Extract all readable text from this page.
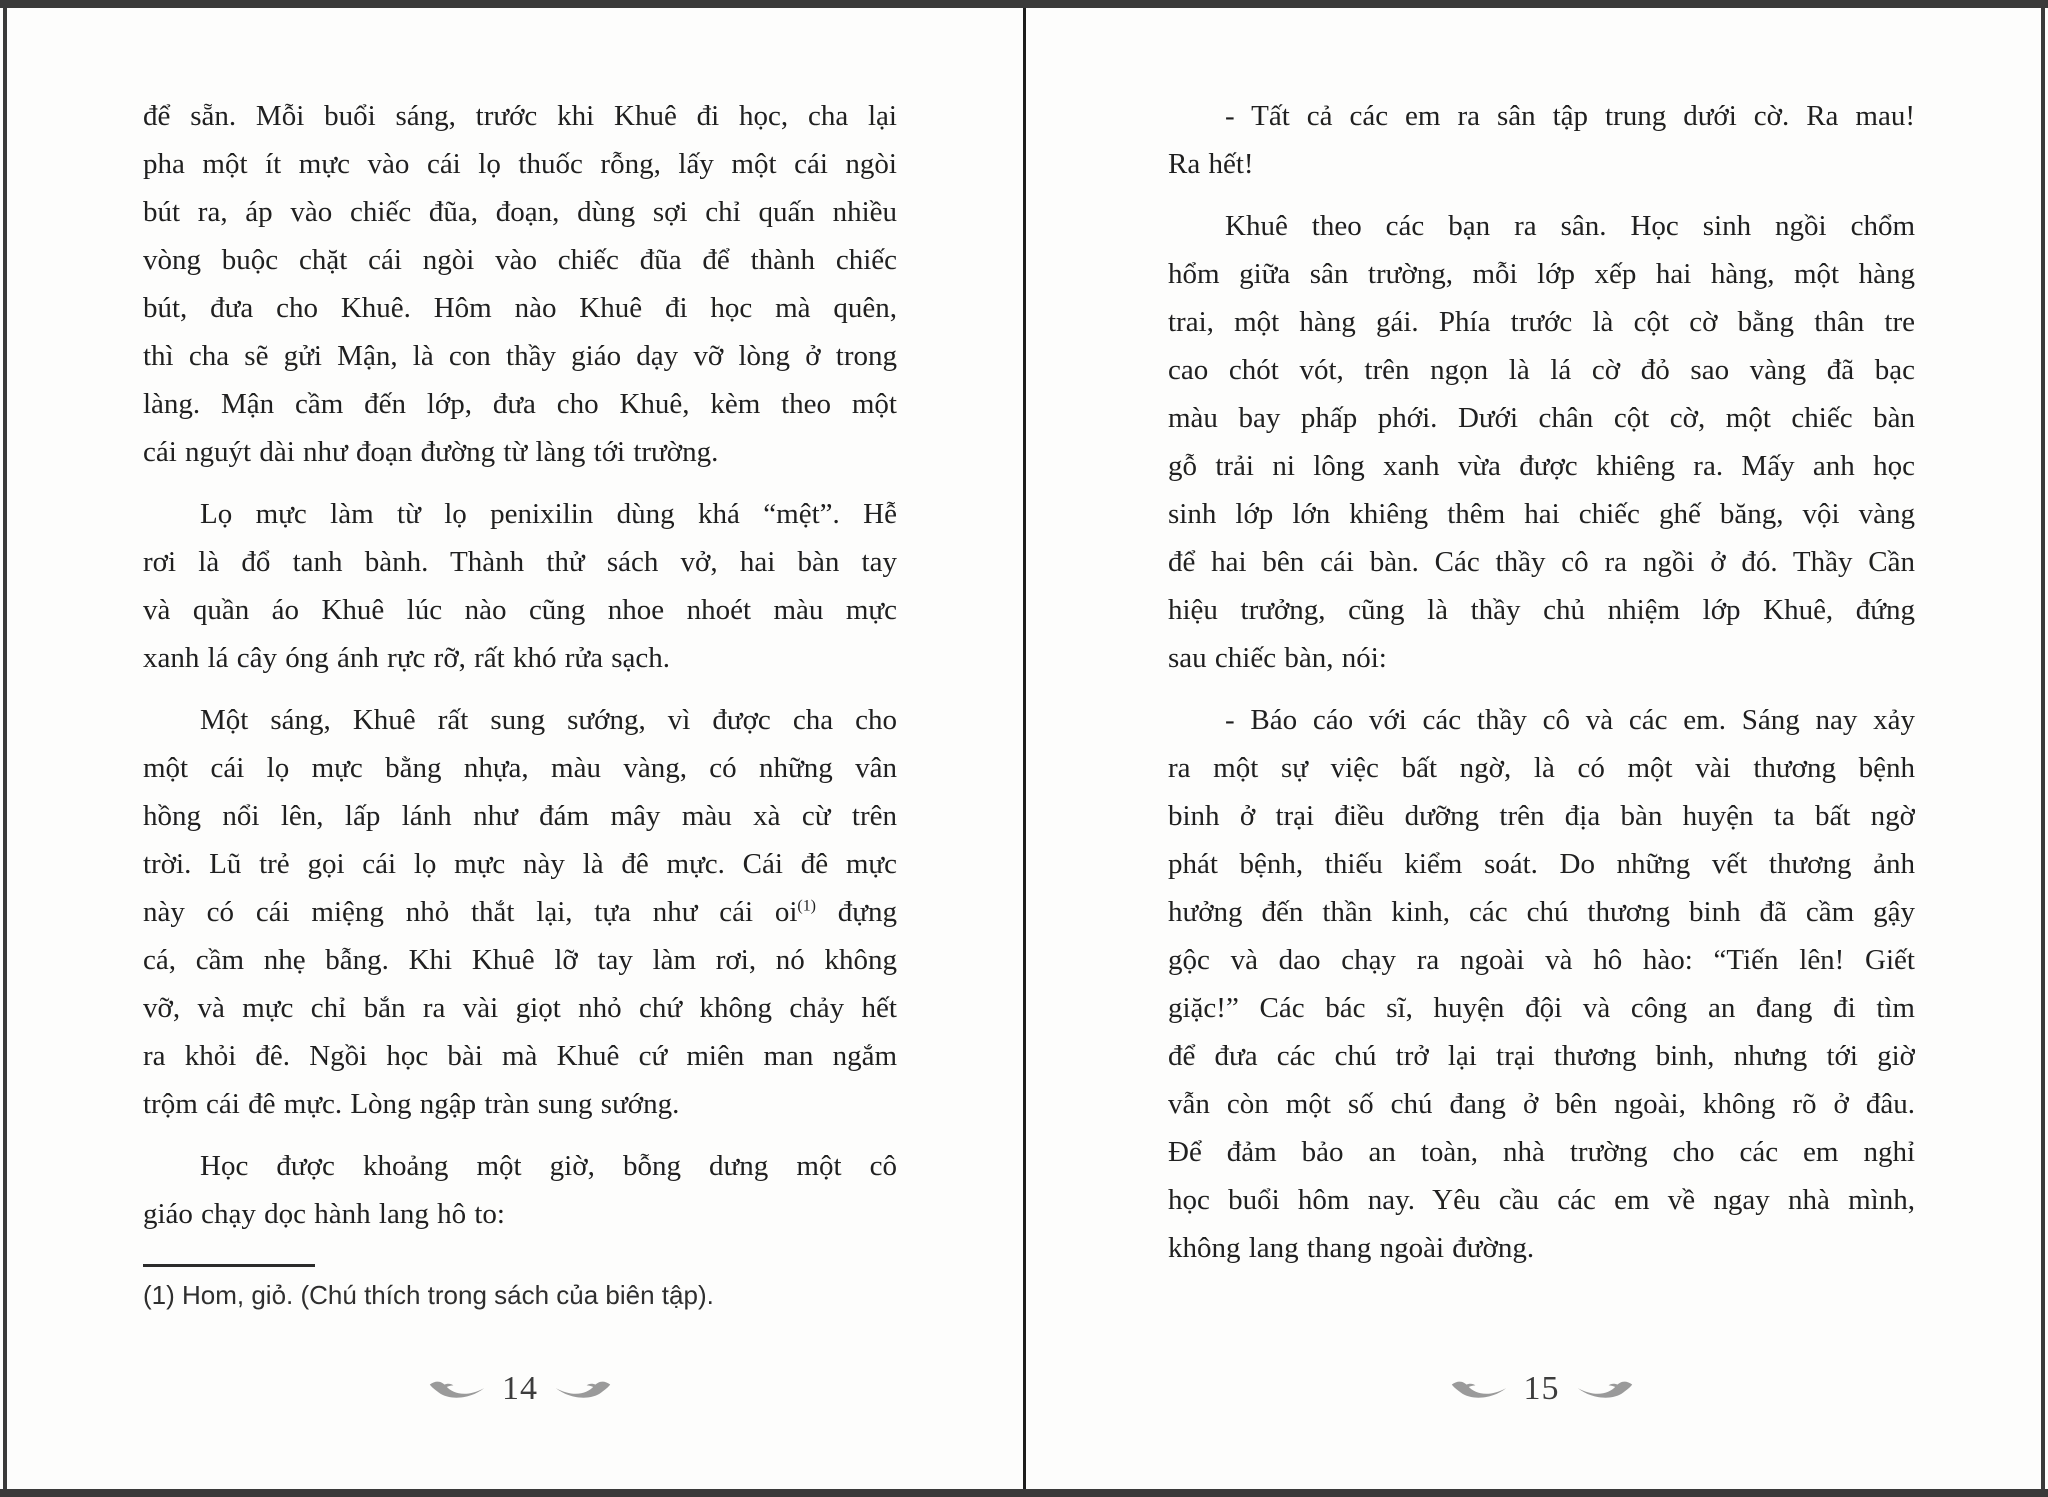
để sẵn. Mỗi buổi sáng, trước khi Khuê đi học, cha lại
pha một ít mực vào cái lọ thuốc rỗng, lấy một cái ngòi
bút ra, áp vào chiếc đũa, đoạn, dùng sợi chỉ quấn nhiều
vòng buộc chặt cái ngòi vào chiếc đũa để thành chiếc
bút, đưa cho Khuê. Hôm nào Khuê đi học mà quên,
thì cha sẽ gửi Mận, là con thầy giáo dạy vỡ lòng ở trong
làng. Mận cầm đến lớp, đưa cho Khuê, kèm theo một
cái nguýt dài như đoạn đường từ làng tới trường.
Lọ mực làm từ lọ penixilin dùng khá “mệt”. Hễ
rơi là đổ tanh bành. Thành thử sách vở, hai bàn tay
và quần áo Khuê lúc nào cũng nhoe nhoét màu mực
xanh lá cây óng ánh rực rỡ, rất khó rửa sạch.
Một sáng, Khuê rất sung sướng, vì được cha cho
một cái lọ mực bằng nhựa, màu vàng, có những vân
hồng nổi lên, lấp lánh như đám mây màu xà cừ trên
trời. Lũ trẻ gọi cái lọ mực này là đê mực. Cái đê mực
này có cái miệng nhỏ thắt lại, tựa như cái $oi^{(1)}$ đựng
cá, cầm nhẹ bẫng. Khi Khuê lỡ tay làm rơi, nó không
vỡ, và mực chỉ bắn ra vài giọt nhỏ chứ không chảy hết
ra khỏi đê. Ngồi học bài mà Khuê cứ miên man ngắm
trộm cái đê mực. Lòng ngập tràn sung sướng.
Học được khoảng một giờ, bỗng dưng một cô
giáo chạy dọc hành lang hô to:
- Tất cả các em ra sân tập trung dưới cờ. Ra mau!
Ra hết!
Khuê theo các bạn ra sân. Học sinh ngồi chổm
hổm giữa sân trường, mỗi lớp xếp hai hàng, một hàng
trai, một hàng gái. Phía trước là cột cờ bằng thân tre
cao chót vót, trên ngọn là lá cờ đỏ sao vàng đã bạc
màu bay phấp phới. Dưới chân cột cờ, một chiếc bàn
gỗ trải ni lông xanh vừa được khiêng ra. Mấy anh học
sinh lớp lớn khiêng thêm hai chiếc ghế băng, vội vàng
để hai bên cái bàn. Các thầy cô ra ngồi ở đó. Thầy Cần
hiệu trưởng, cũng là thầy chủ nhiệm lớp Khuê, đứng
sau chiếc bàn, nói:
- Báo cáo với các thầy cô và các em. Sáng nay xảy
ra một sự việc bất ngờ, là có một vài thương bệnh
binh ở trại điều dưỡng trên địa bàn huyện ta bất ngờ
phát bệnh, thiếu kiểm soát. Do những vết thương ảnh
hưởng đến thần kinh, các chú thương binh đã cầm gậy
gộc và dao chạy ra ngoài và hô hào: “Tiến lên! Giết
giặc!” Các bác sĩ, huyện đội và công an đang đi tìm
để đưa các chú trở lại trại thương binh, nhưng tới giờ
vẫn còn một số chú đang ở bên ngoài, không rõ ở đâu.
Để đảm bảo an toàn, nhà trường cho các em nghỉ
học buổi hôm nay. Yêu cầu các em về ngay nhà mình,
không lang thang ngoài đường.
(1) Hom, giỏ. (Chú thích trong sách của biên tập).
14	15
